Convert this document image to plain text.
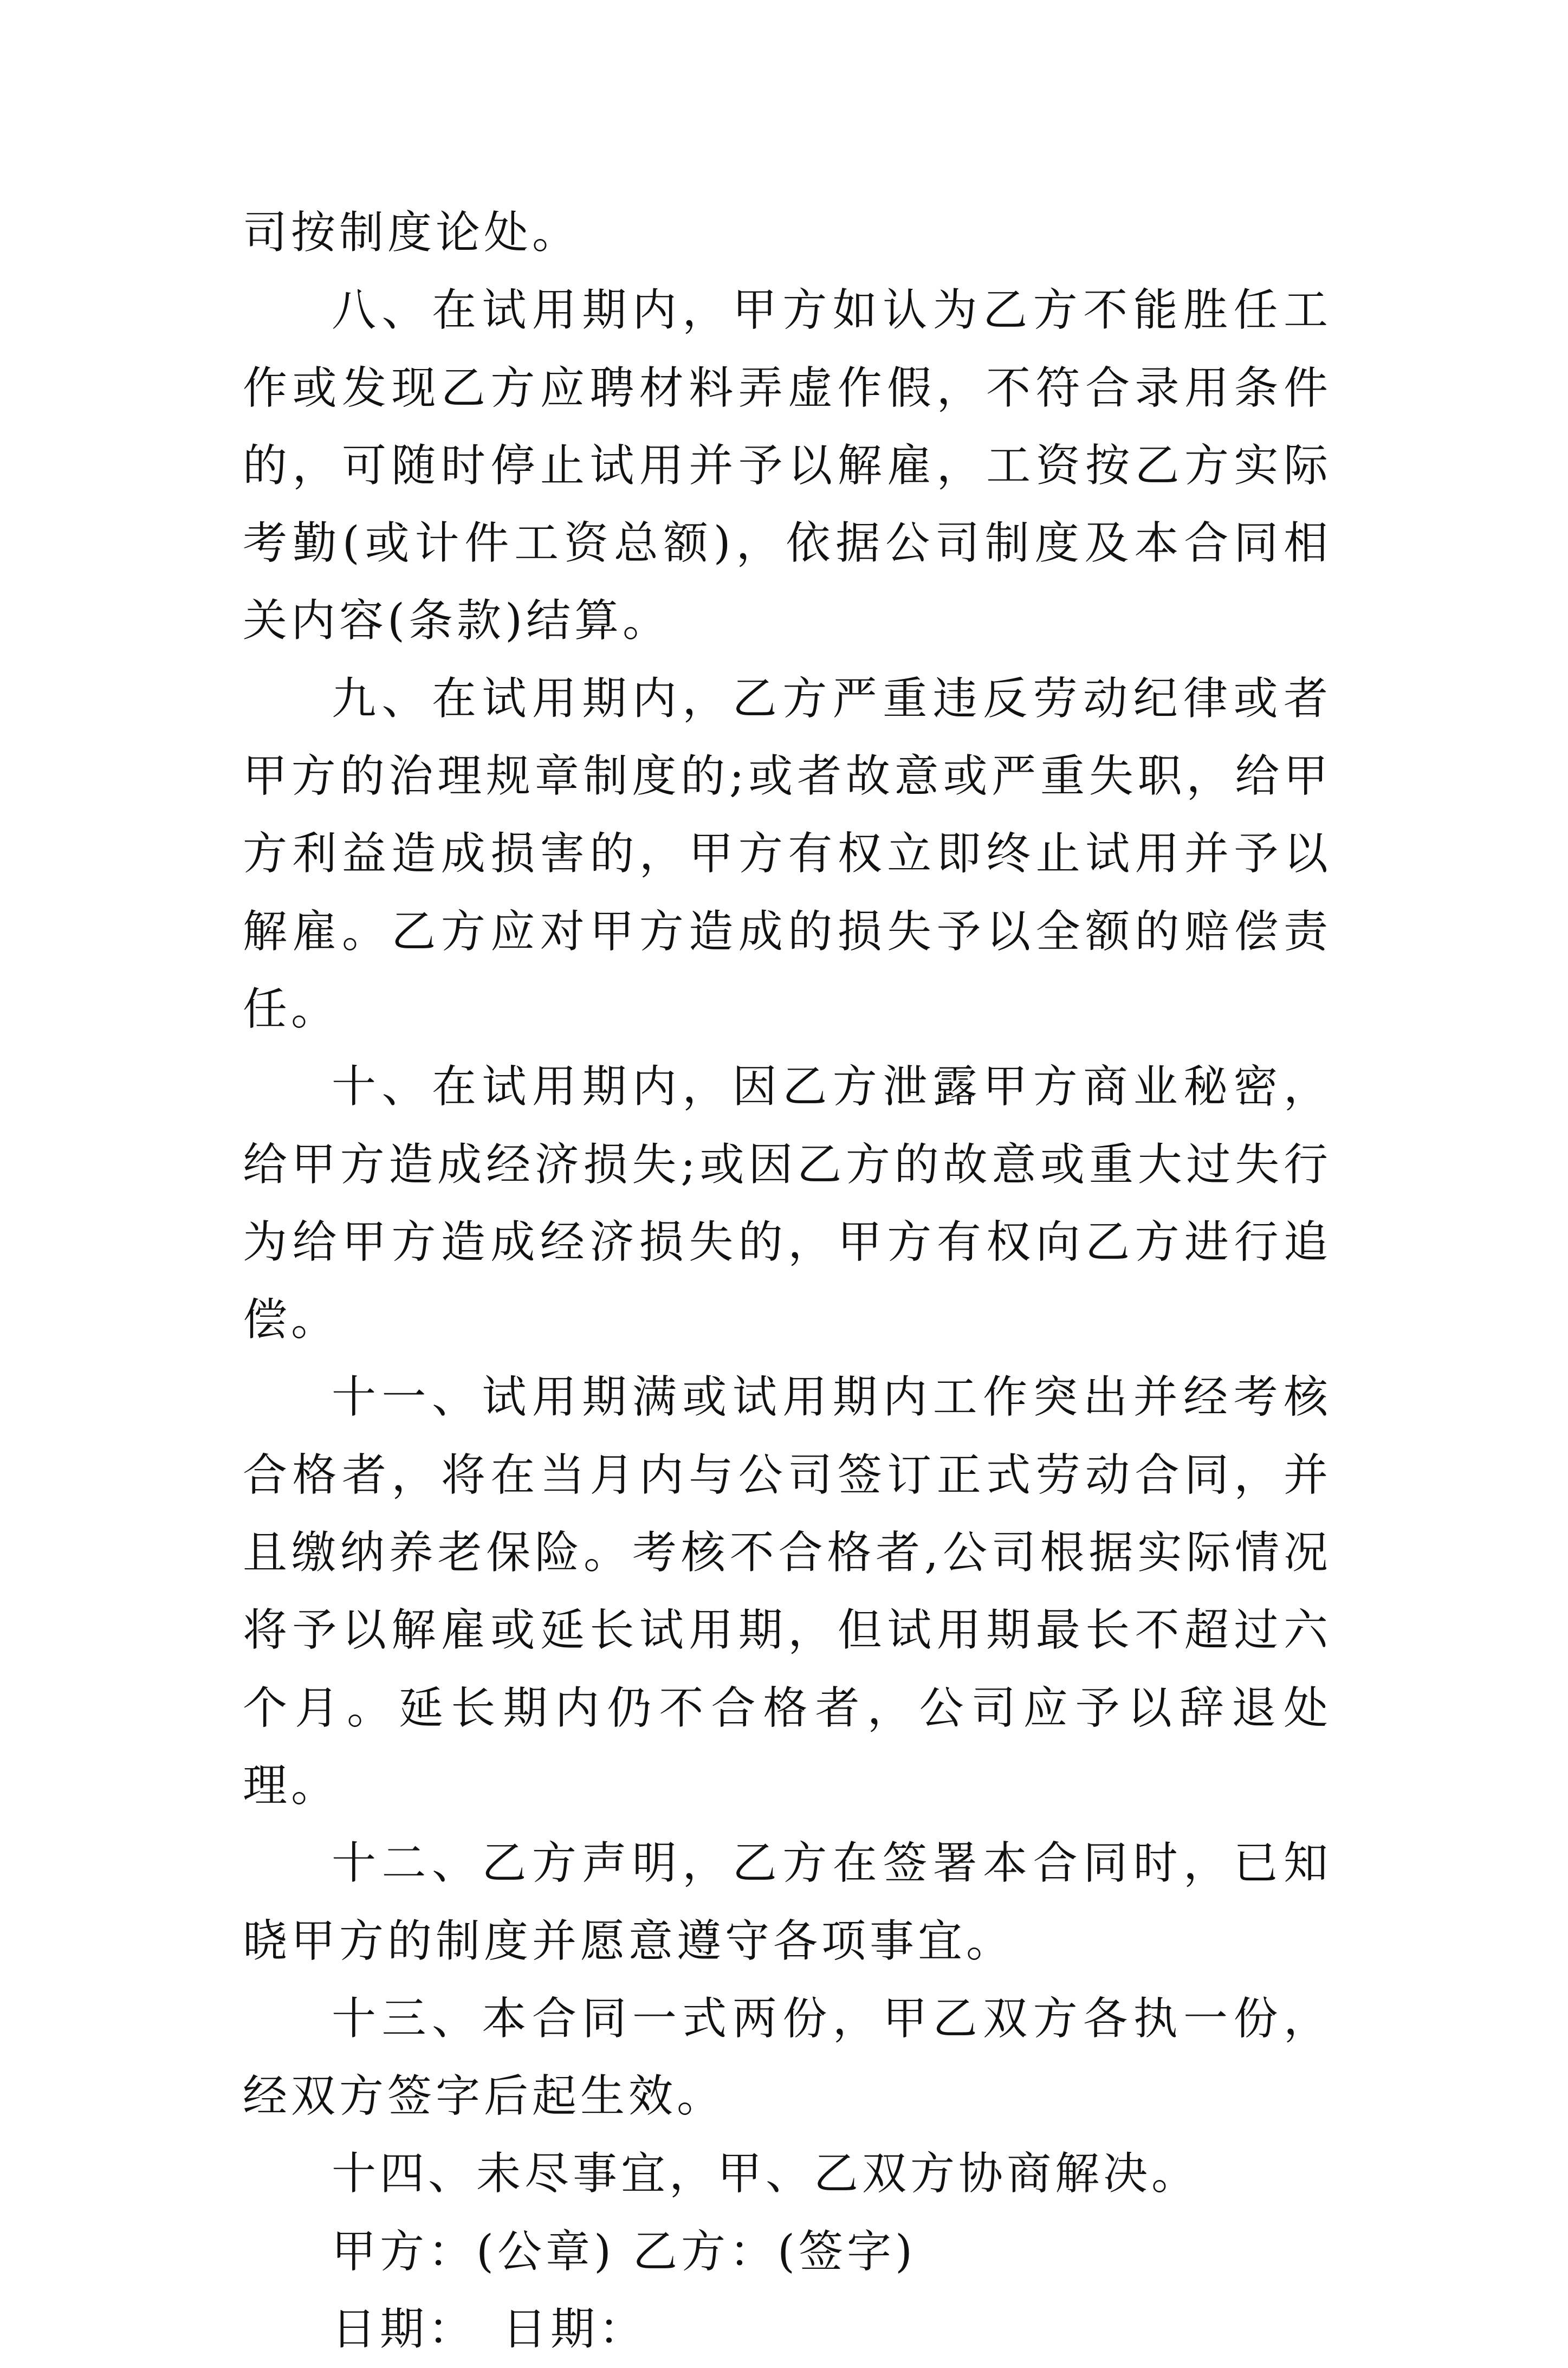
司按制度论处。

八、在试用期内，甲方如认为乙方不能胜任工作或发现乙方应聘材料弄虚作假，不符合录用条件的，可随时停止试用并予以解雇，工资按乙方实际考勤(或计件工资总额)，依据公司制度及本合同相关内容(条款)结算。

九、在试用期内，乙方严重违反劳动纪律或者甲方的治理规章制度的;或者故意或严重失职，给甲方利益造成损害的，甲方有权立即终止试用并予以解雇。乙方应对甲方造成的损失予以全额的赔偿责任。

十、在试用期内，因乙方泄露甲方商业秘密，给甲方造成经济损失;或因乙方的故意或重大过失行为给甲方造成经济损失的，甲方有权向乙方进行追偿。

十一、试用期满或试用期内工作突出并经考核合格者，将在当月内与公司签订正式劳动合同，并且缴纳养老保险。考核不合格者,公司根据实际情况将予以解雇或延长试用期，但试用期最长不超过六个月。延长期内仍不合格者，公司应予以辞退处理。

十二、乙方声明，乙方在签署本合同时，已知晓甲方的制度并愿意遵守各项事宜。

十三、本合同一式两份，甲乙双方各执一份，经双方签字后起生效。

十四、未尽事宜，甲、乙双方协商解决。

甲方：(公章) 乙方：(签字)

日期：　日期：
